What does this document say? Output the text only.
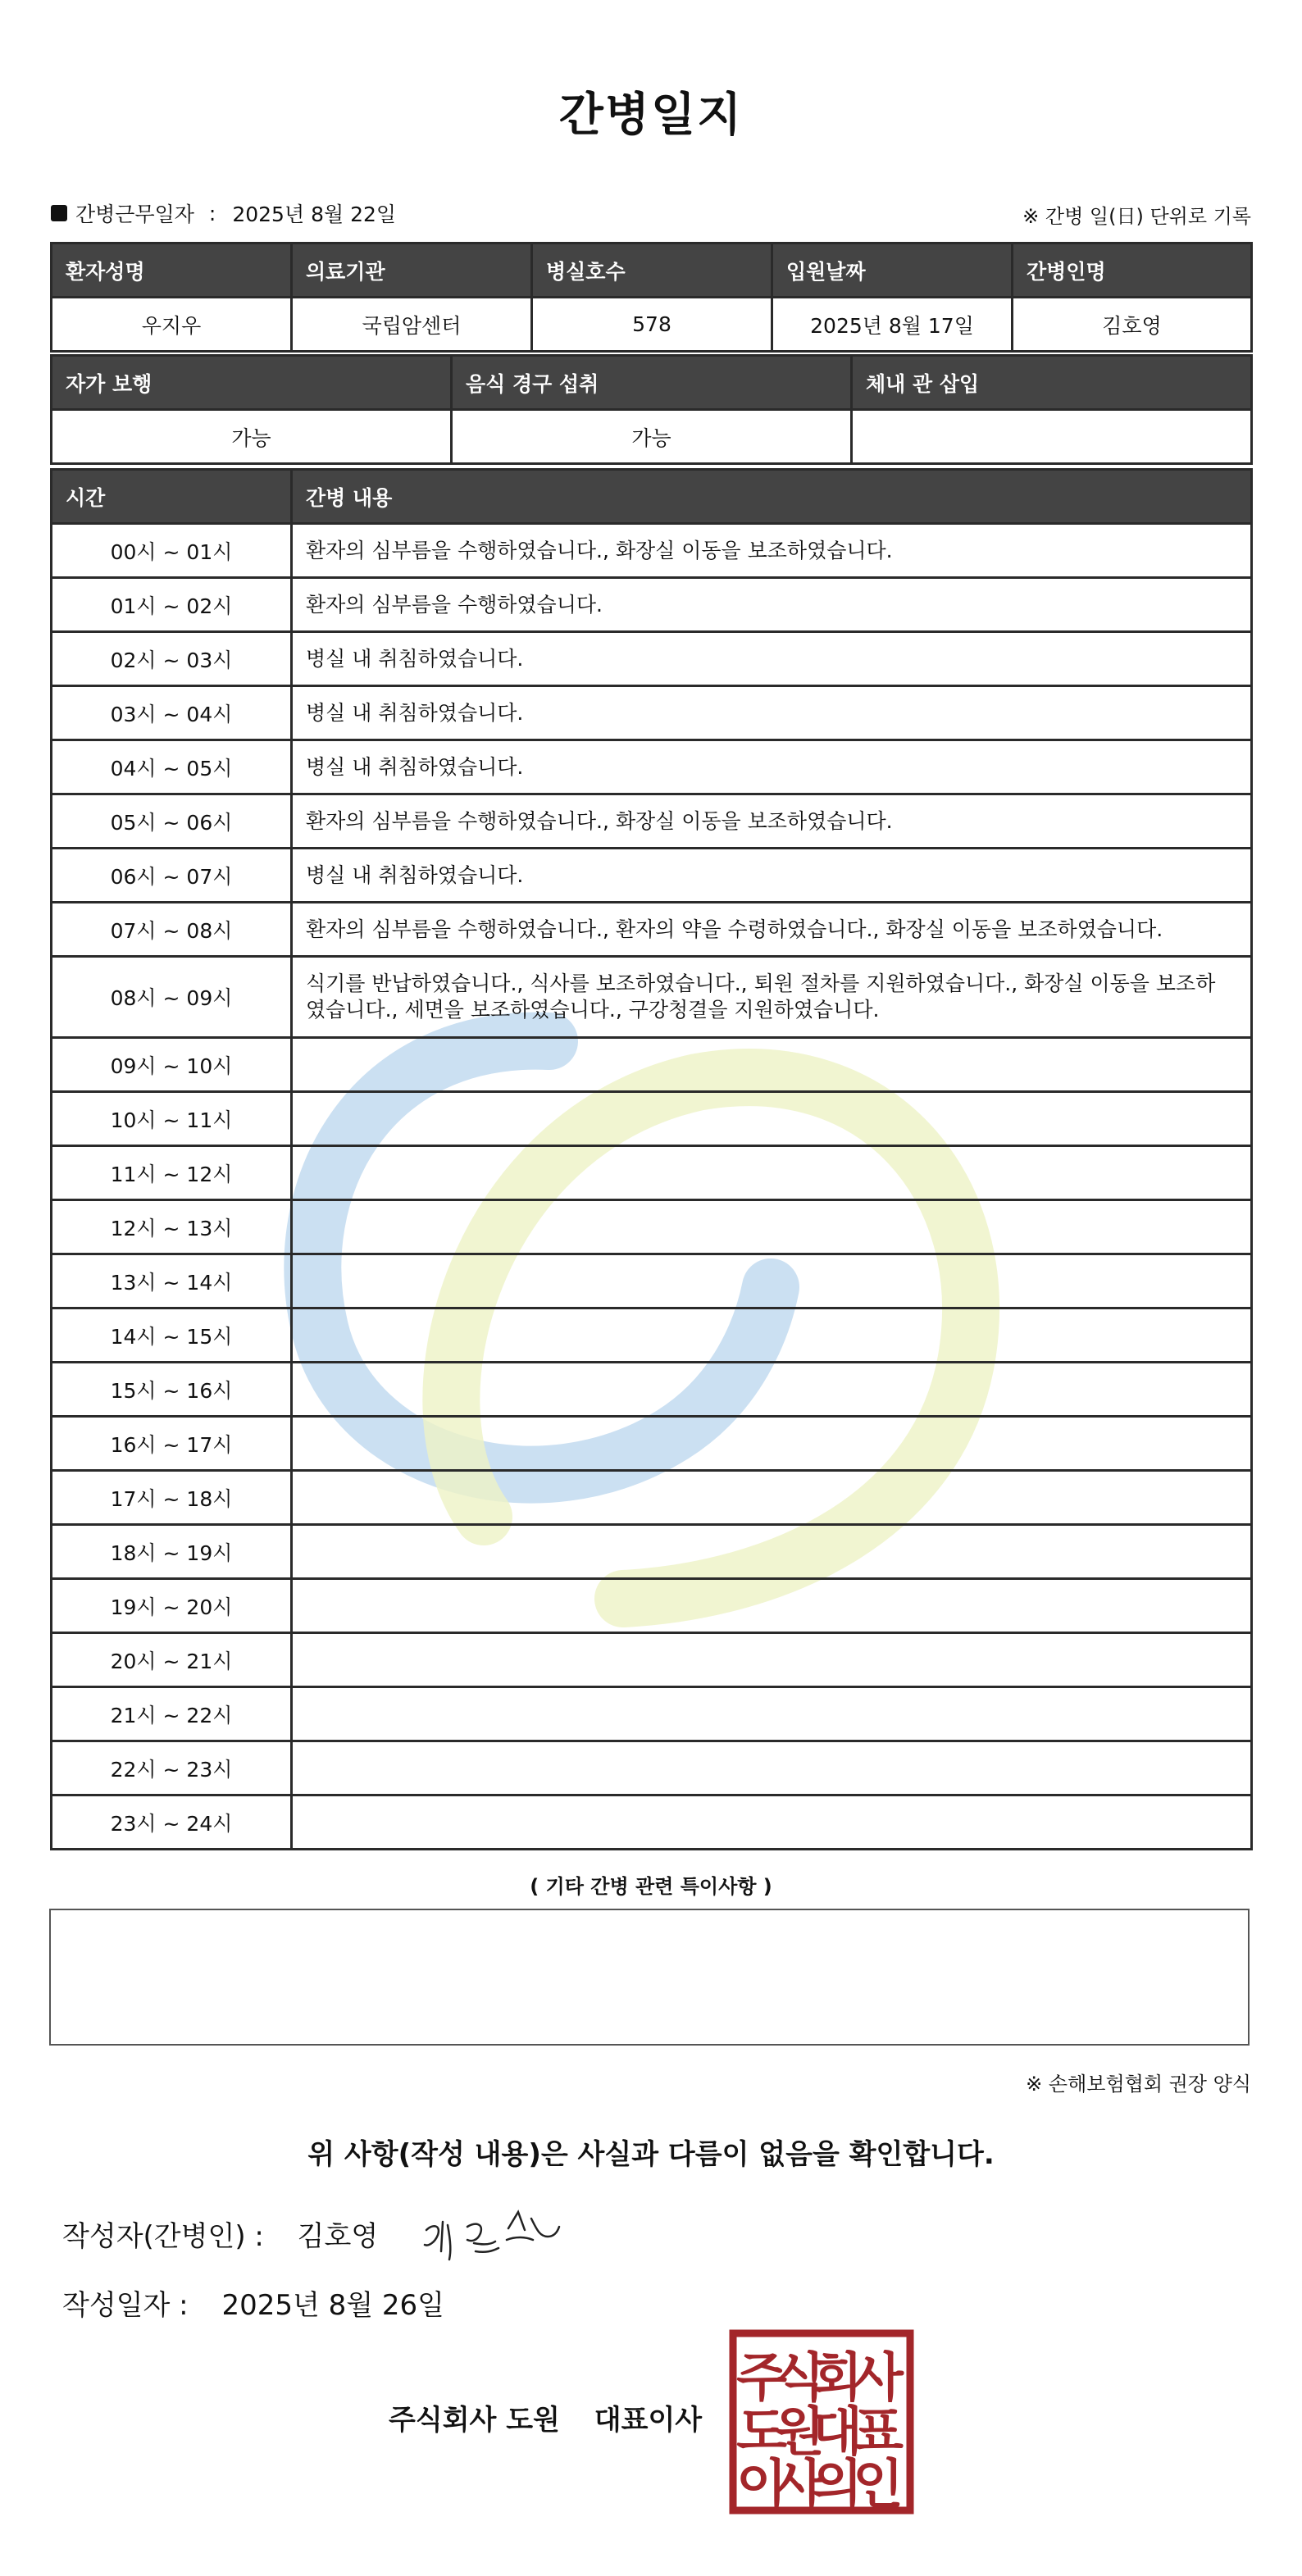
간병일지
간병근무일자 : 2025년 8월 22일	※ 간병 일(日) 단위로 기록
환자성명	의료기관	병실호수	입원날짜	간병인명
우지우	국립암센터	578	2025년 8월 17일	김호영
자가 보행	음식 경구 섭취	체내 관 삽입
가능	가능	
시간	간병 내용
00시 ~ 01시	환자의 심부름을 수행하였습니다., 화장실 이동을 보조하였습니다.
01시 ~ 02시	환자의 심부름을 수행하였습니다.
02시 ~ 03시	병실 내 취침하였습니다.
03시 ~ 04시	병실 내 취침하였습니다.
04시 ~ 05시	병실 내 취침하였습니다.
05시 ~ 06시	환자의 심부름을 수행하였습니다., 화장실 이동을 보조하였습니다.
06시 ~ 07시	병실 내 취침하였습니다.
07시 ~ 08시	환자의 심부름을 수행하였습니다., 환자의 약을 수령하였습니다., 화장실 이동을 보조하였습니다.
08시 ~ 09시	식기를 반납하였습니다., 식사를 보조하였습니다., 퇴원 절차를 지원하였습니다., 화장실 이동을 보조하였습니다., 세면을 보조하였습니다., 구강청결을 지원하였습니다.
09시 ~ 10시	
10시 ~ 11시	
11시 ~ 12시	
12시 ~ 13시	
13시 ~ 14시	
14시 ~ 15시	
15시 ~ 16시	
16시 ~ 17시	
17시 ~ 18시	
18시 ~ 19시	
19시 ~ 20시	
20시 ~ 21시	
21시 ~ 22시	
22시 ~ 23시	
23시 ~ 24시	
( 기타 간병 관련 특이사항 )
※ 손해보험협회 권장 양식
위 사항(작성 내용)은 사실과 다름이 없음을 확인합니다.
작성자(간병인) : 김호영
작성일자 : 2025년 8월 26일
주식회사 도원 대표이사
주
식
회
사
도
원
대
표
이
사
의
인
